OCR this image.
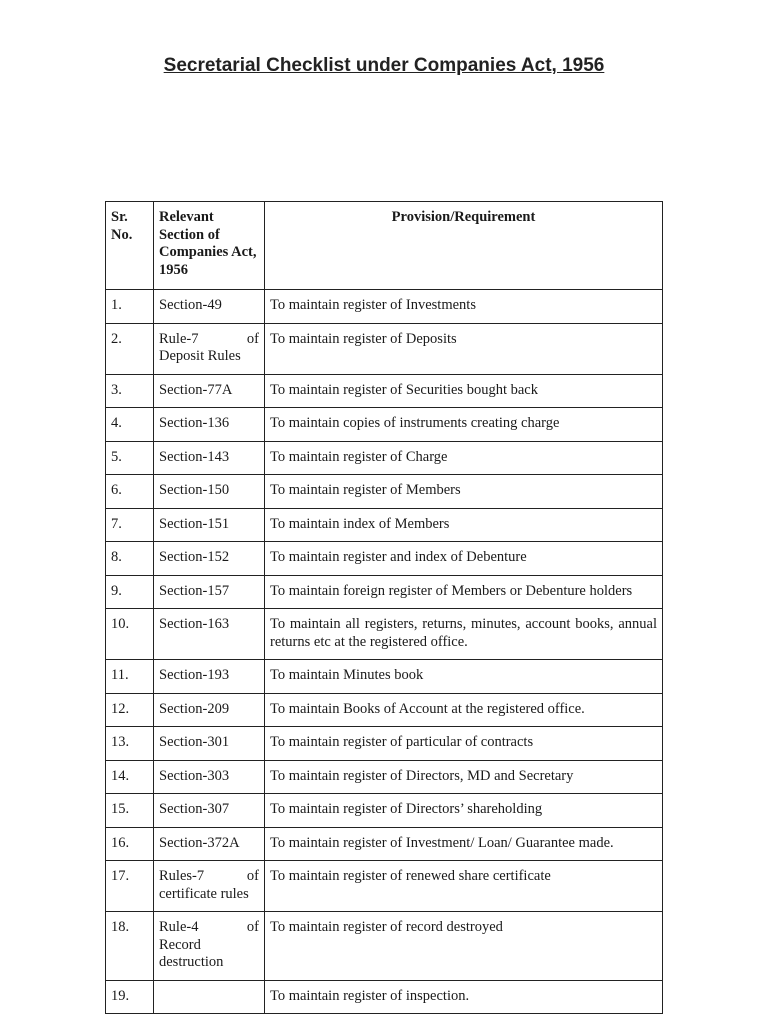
Secretarial Checklist under Companies Act, 1956
Sr. No.	Relevant Section of Companies Act, 1956	Provision/Requirement
1.	Section-49	To maintain register of Investments
2.	Rule-7 of Deposit Rules	To maintain register of Deposits
3.	Section-77A	To maintain register of Securities bought back
4.	Section-136	To maintain copies of instruments creating charge
5.	Section-143	To maintain register of Charge
6.	Section-150	To maintain register of Members
7.	Section-151	To maintain index of Members
8.	Section-152	To maintain register and index of Debenture
9.	Section-157	To maintain foreign register of Members or Debenture holders
10.	Section-163	To maintain all registers, returns, minutes, account books, annual returns etc at the registered office.
11.	Section-193	To maintain Minutes book
12.	Section-209	To maintain Books of Account at the registered office.
13.	Section-301	To maintain register of particular of contracts
14.	Section-303	To maintain register of Directors, MD and Secretary
15.	Section-307	To maintain register of Directors’ shareholding
16.	Section-372A	To maintain register of Investment/ Loan/ Guarantee made.
17.	Rules-7 of certificate rules	To maintain register of renewed share certificate
18.	Rule-4 of Record destruction	To maintain register of record destroyed
19.		To maintain register of inspection.
